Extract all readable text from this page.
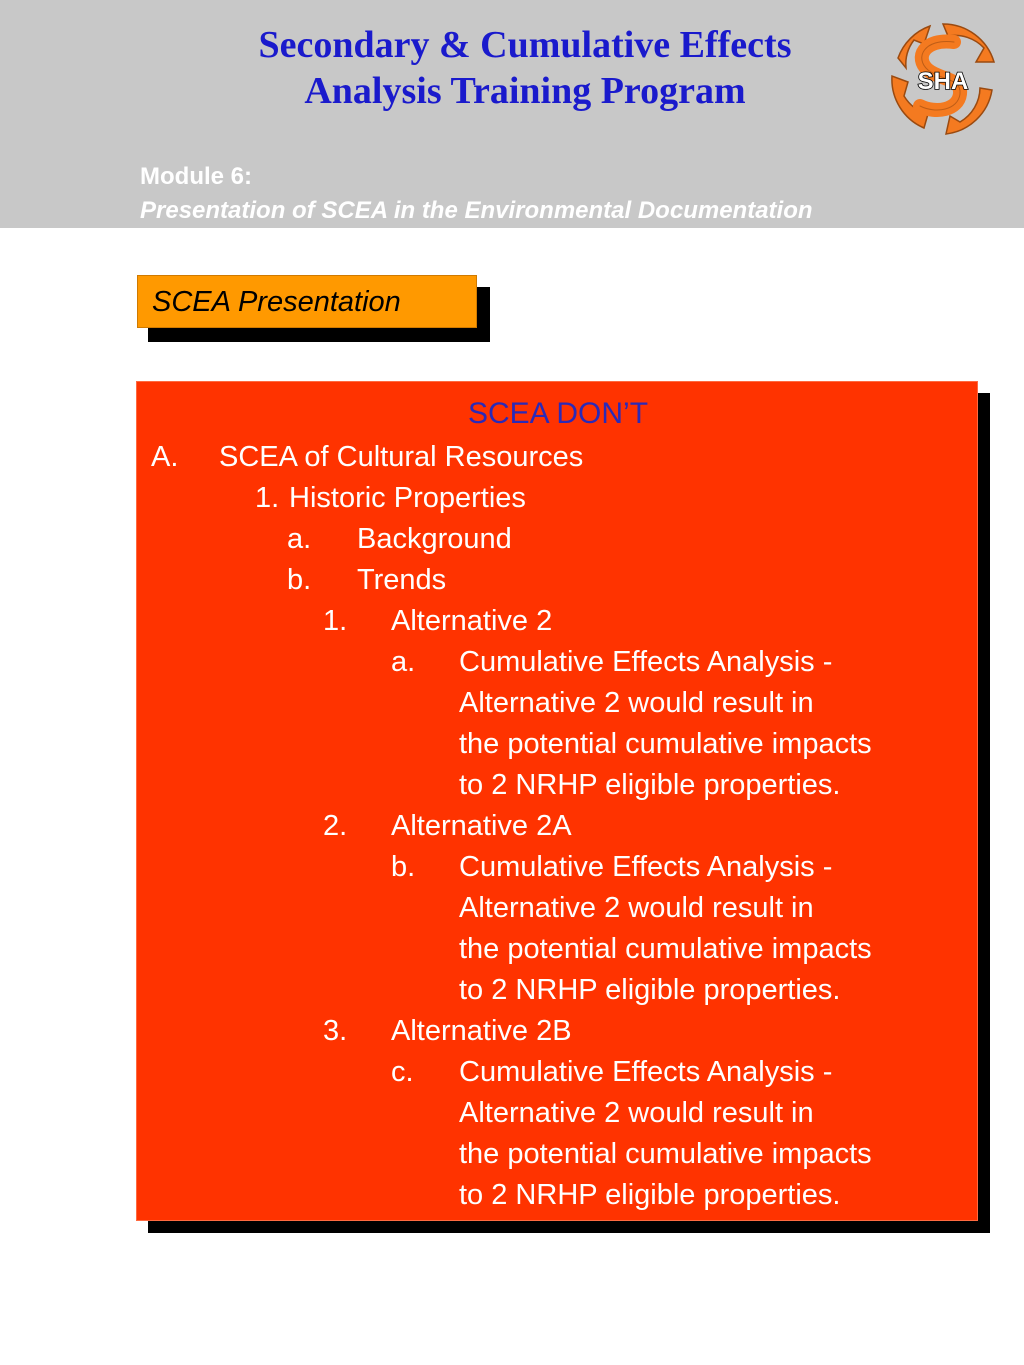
Secondary & Cumulative Effects
Analysis Training Program	SHA
Module 6:
Presentation of SCEA in the Environmental Documentation
SCEA Presentation
SCEA DON’T
A. SCEA of Cultural Resources
1. Historic Properties
a. Background
b. Trends
1. Alternative 2
a. Cumulative Effects Analysis -
Alternative 2 would result in
the potential cumulative impacts
to 2 NRHP eligible properties.
2. Alternative 2A
b. Cumulative Effects Analysis -
Alternative 2 would result in
the potential cumulative impacts
to 2 NRHP eligible properties.
3. Alternative 2B
c. Cumulative Effects Analysis -
Alternative 2 would result in
the potential cumulative impacts
to 2 NRHP eligible properties.
